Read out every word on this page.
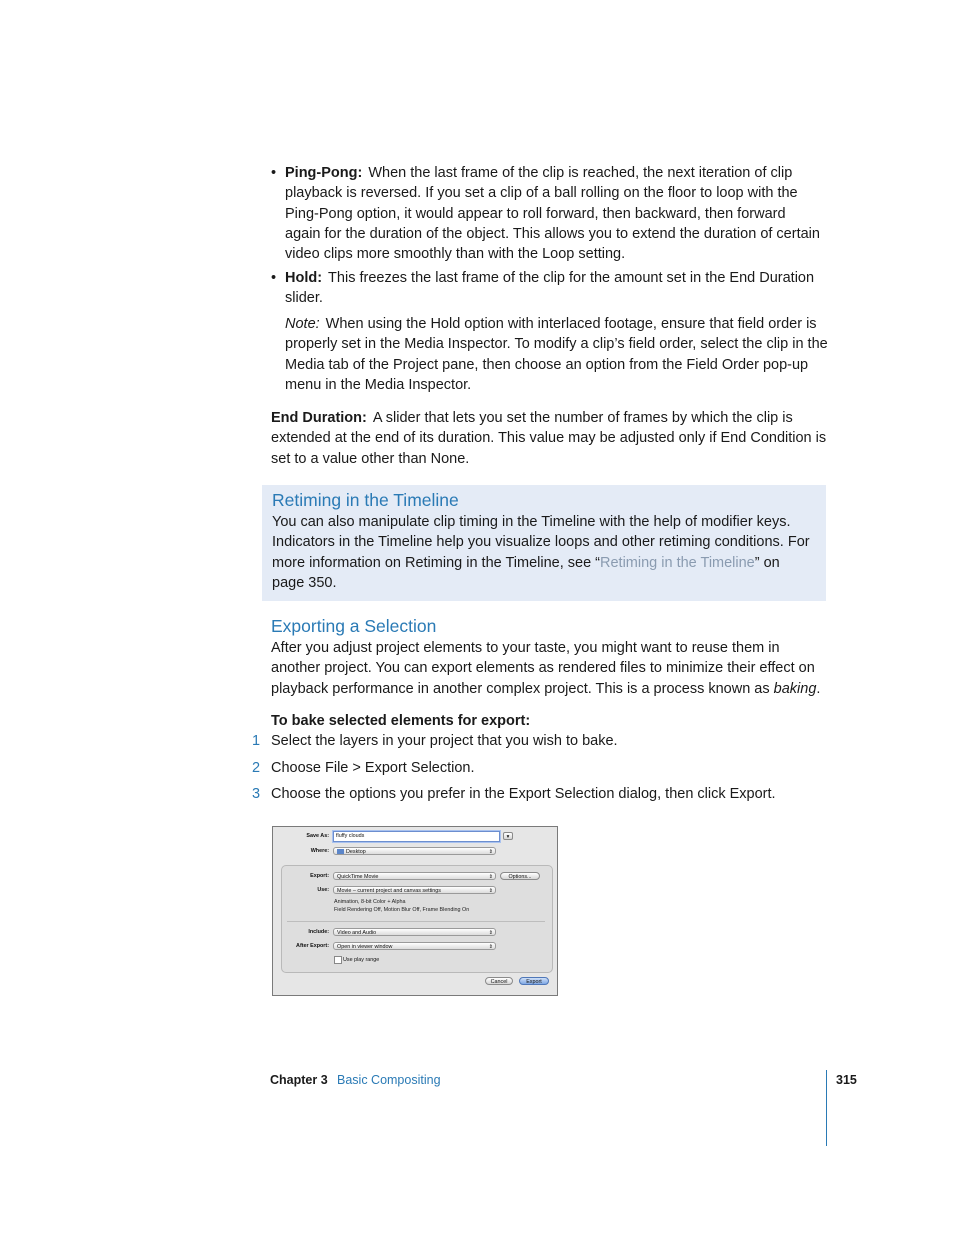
• Ping-Pong: When the last frame of the clip is reached, the next iteration of clip
playback is reversed. If you set a clip of a ball rolling on the floor to loop with the
Ping-Pong option, it would appear to roll forward, then backward, then forward
again for the duration of the object. This allows you to extend the duration of certain
video clips more smoothly than with the Loop setting.
• Hold: This freezes the last frame of the clip for the amount set in the End Duration
slider.
Note: When using the Hold option with interlaced footage, ensure that field order is
properly set in the Media Inspector. To modify a clip’s field order, select the clip in the
Media tab of the Project pane, then choose an option from the Field Order pop-up
menu in the Media Inspector.
End Duration: A slider that lets you set the number of frames by which the clip is
extended at the end of its duration. This value may be adjusted only if End Condition is
set to a value other than None.
Retiming in the Timeline
You can also manipulate clip timing in the Timeline with the help of modifier keys.
Indicators in the Timeline help you visualize loops and other retiming conditions. For
more information on Retiming in the Timeline, see “Retiming in the Timeline” on
page 350.
Exporting a Selection
After you adjust project elements to your taste, you might want to reuse them in
another project. You can export elements as rendered files to minimize their effect on
playback performance in another complex project. This is a process known as baking.
To bake selected elements for export:
1 Select the layers in your project that you wish to bake.
2 Choose File > Export Selection.
3 Choose the options you prefer in the Export Selection dialog, then click Export.
Save As:	fluffy clouds	▾
Where:	Desktop	⇕
Export:	QuickTime Movie	⇕	Options...
Use:	Movie – current project and canvas settings	⇕
Animation, 8-bit Color + Alpha
Field Rendering Off, Motion Blur Off, Frame Blending On
Include:	Video and Audio	⇕
After Export:	Open in viewer window	⇕
Use play range
Cancel	Export
Chapter 3 Basic Compositing	315
